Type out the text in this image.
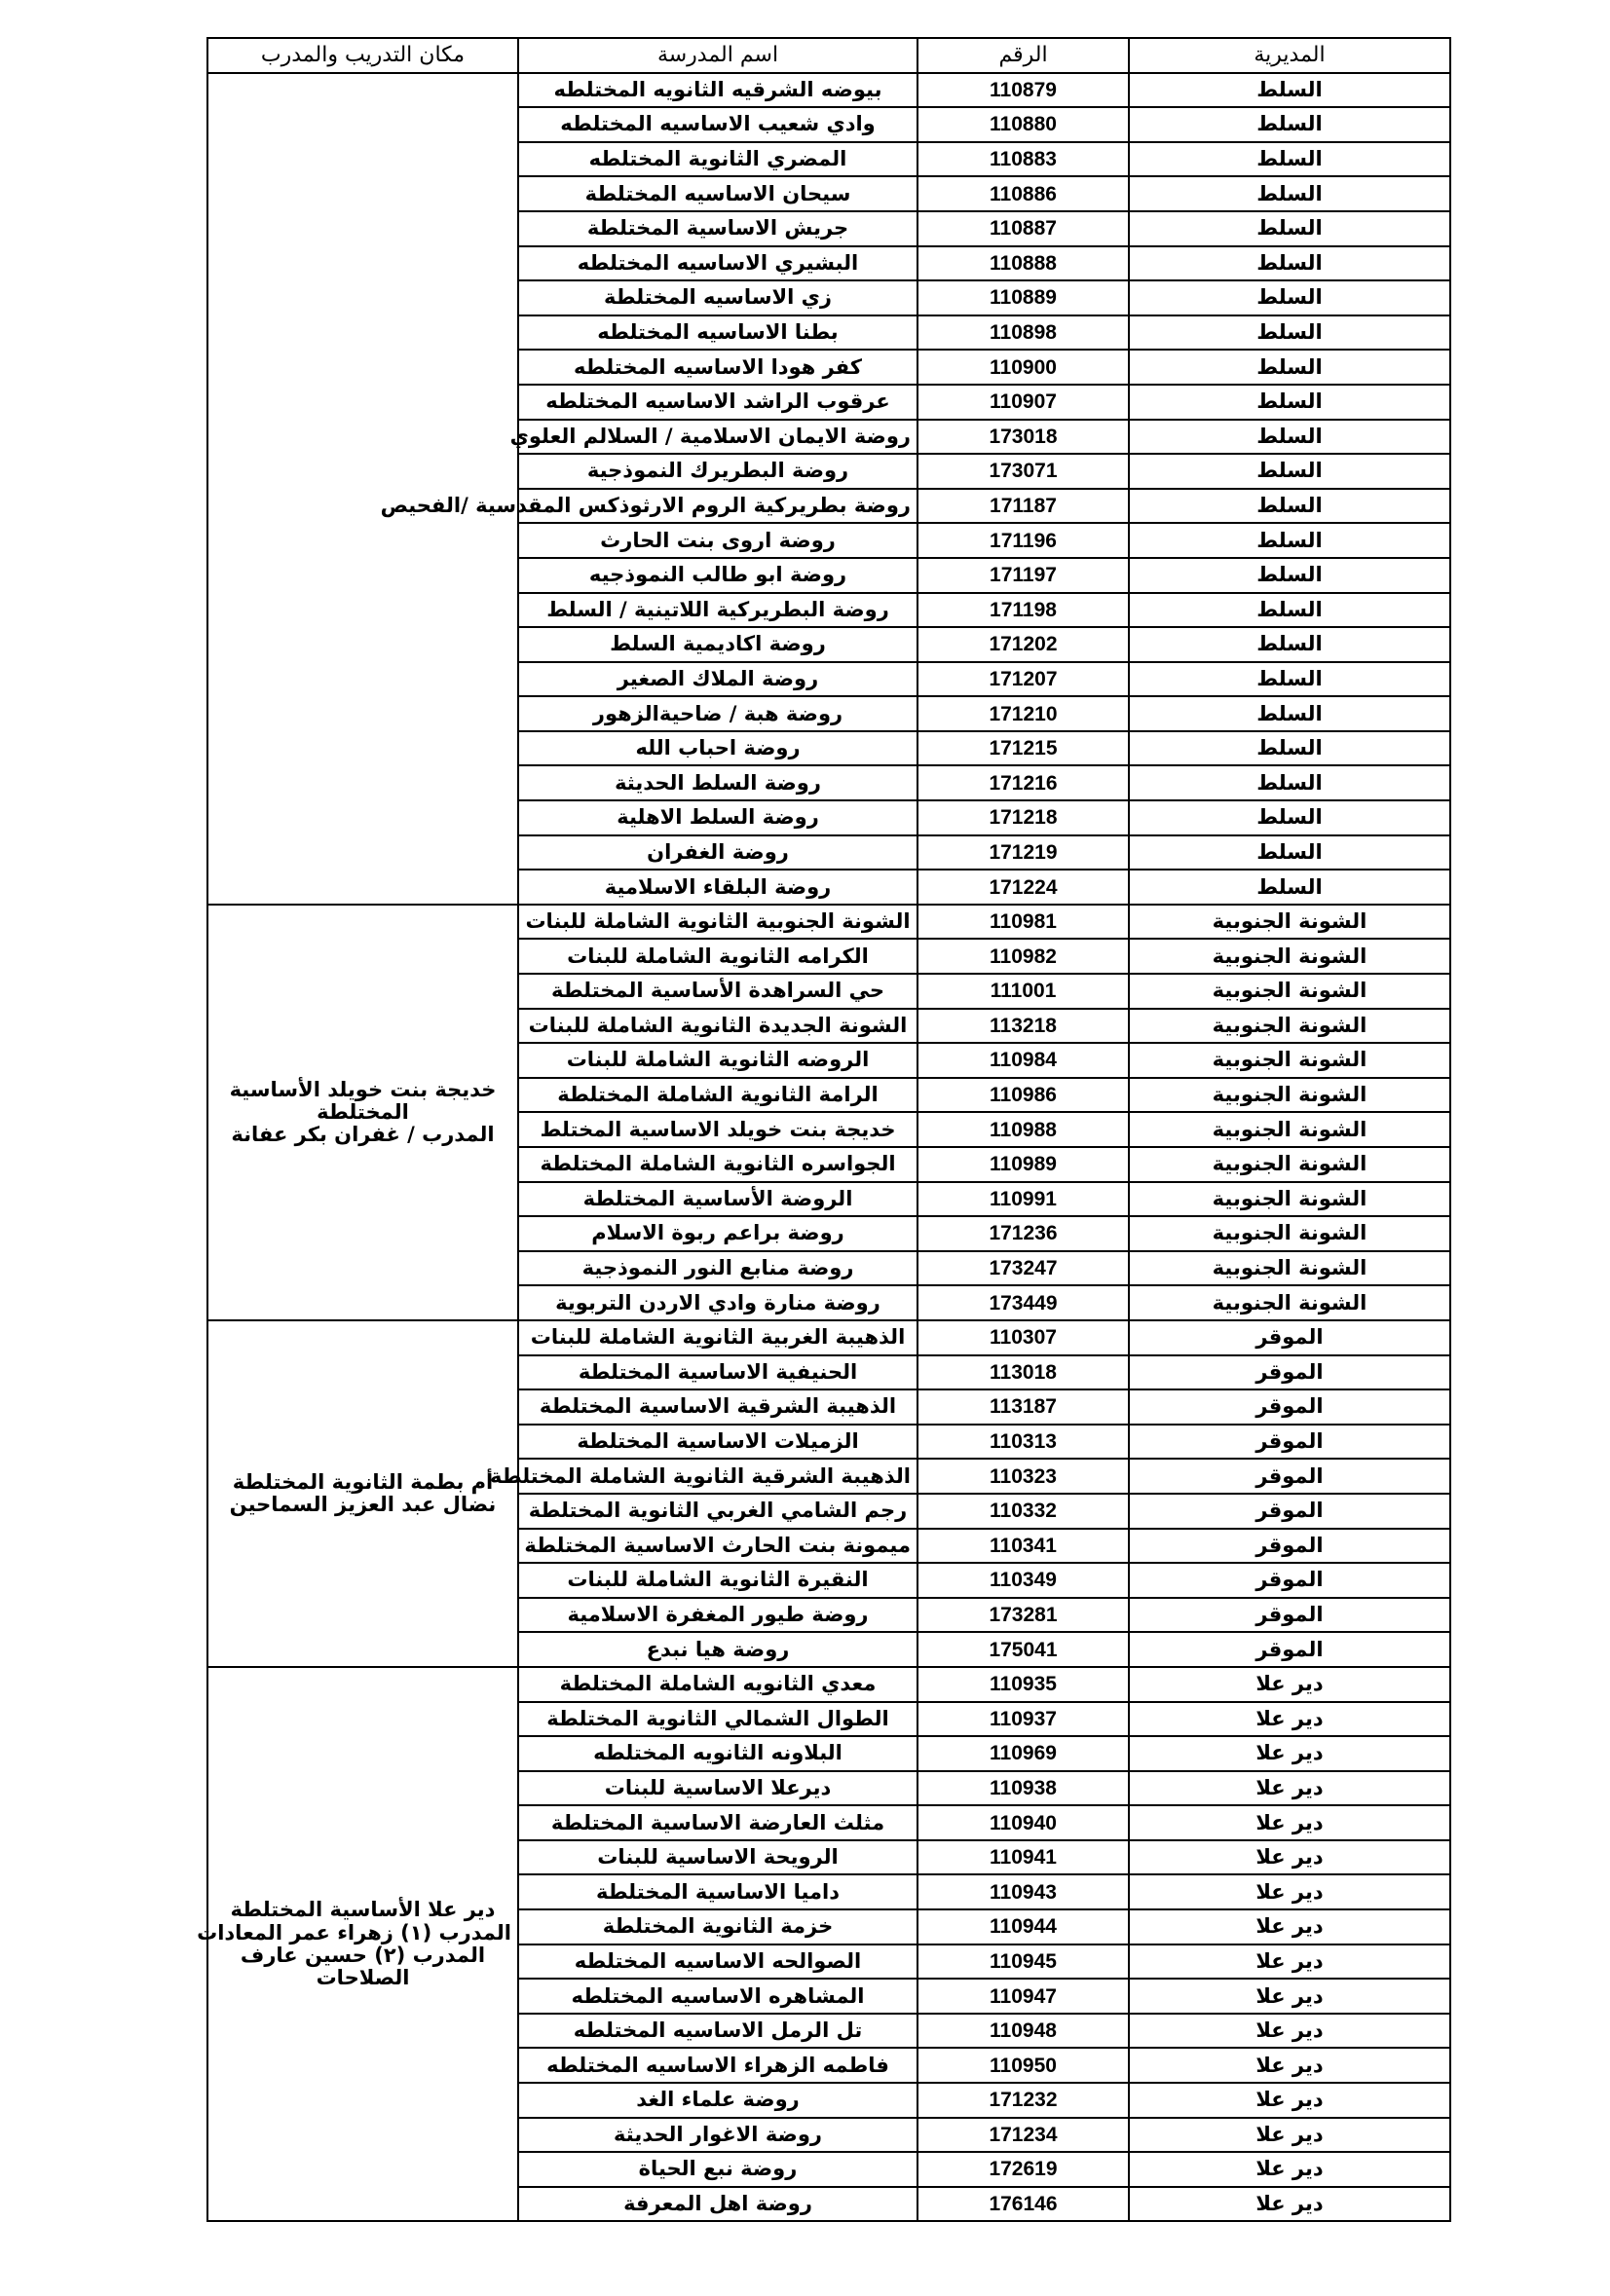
المديرية	الرقم	اسم المدرسة	مكان التدريب والمدرب
السلط	110879	بيوضه الشرقيه الثانويه المختلطه	
السلط	110880	وادي شعيب الاساسيه المختلطه	
السلط	110883	المضري الثانوية المختلطه	
السلط	110886	سيحان الاساسيه المختلطة	
السلط	110887	جريش الاساسية المختلطة	
السلط	110888	البشيري الاساسيه المختلطه	
السلط	110889	زي الاساسيه المختلطة	
السلط	110898	بطنا الاساسيه المختلطه	
السلط	110900	كفر هودا الاساسيه المختلطه	
السلط	110907	عرقوب الراشد الاساسيه المختلطه	
السلط	173018	روضة الايمان الاسلامية / السلالم العلوي	
السلط	173071	روضة البطريرك النموذجية	
السلط	171187	روضة بطريركية الروم الارثوذكس المقدسية /الفحيص	
السلط	171196	روضة اروى بنت الحارث	
السلط	171197	روضة ابو طالب النموذجيه	
السلط	171198	روضة البطريركية اللاتينية / السلط	
السلط	171202	روضة اكاديمية السلط	
السلط	171207	روضة الملاك الصغير	
السلط	171210	روضة هبة / ضاحيةالزهور	
السلط	171215	روضة احباب الله	
السلط	171216	روضة السلط الحديثة	
السلط	171218	روضة السلط الاهلية	
السلط	171219	روضة الغفران	
السلط	171224	روضة البلقاء الاسلامية	
الشونة الجنوبية	110981	الشونة الجنوبية الثانوية الشاملة للبنات	خديجة بنت خويلد الأساسية
المختلطة
المدرب / غفران بكر عفانة

الشونة الجنوبية	110982	الكرامه الثانوية الشاملة للبنات	
الشونة الجنوبية	111001	حي السراهدة الأساسية المختلطة	
الشونة الجنوبية	113218	الشونة الجديدة الثانوية الشاملة للبنات	
الشونة الجنوبية	110984	الروضه الثانوية الشاملة للبنات	
الشونة الجنوبية	110986	الرامة الثانوية الشاملة المختلطة	
الشونة الجنوبية	110988	خديجة بنت خويلد الاساسية المختلط	
الشونة الجنوبية	110989	الجواسره الثانوية الشاملة المختلطة	
الشونة الجنوبية	110991	الروضة الأساسية المختلطة	
الشونة الجنوبية	171236	روضة براعم ربوة الاسلام	
الشونة الجنوبية	173247	روضة منابع النور النموذجية	
الشونة الجنوبية	173449	روضة منارة وادي الاردن التربوية	
الموقر	110307	الذهيبة الغربية الثانوية الشاملة للبنات	أم بطمة الثانوية المختلطة
نضال عبد العزيز السماحين

الموقر	113018	الحنيفية الاساسية المختلطة	
الموقر	113187	الذهيبة الشرقية الاساسية المختلطة	
الموقر	110313	الزميلات الاساسية المختلطة	
الموقر	110323	الذهيبة الشرقية الثانوية الشاملة المختلطة	
الموقر	110332	رجم الشامي الغربي الثانوية المختلطة	
الموقر	110341	ميمونة بنت الحارث الاساسية المختلطة	
الموقر	110349	النقيرة الثانوية الشاملة للبنات	
الموقر	173281	روضة طيور المغفرة الاسلامية	
الموقر	175041	روضة هيا نبدع	
دير علا	110935	معدي الثانويه الشاملة المختلطة	دير علا الأساسية المختلطة
المدرب (١) زهراء عمر المعادات
المدرب (٢) حسين عارف
الصلاحات

دير علا	110937	الطوال الشمالي الثانوية المختلطة	
دير علا	110969	البلاونه الثانويه المختلطه	
دير علا	110938	ديرعلا الاساسية للبنات	
دير علا	110940	مثلث العارضة الاساسية المختلطة	
دير علا	110941	الرويحة الاساسية للبنات	
دير علا	110943	داميا الاساسية المختلطة	
دير علا	110944	خزمة الثانوية المختلطة	
دير علا	110945	الصوالحه الاساسيه المختلطه	
دير علا	110947	المشاهره الاساسيه المختلطه	
دير علا	110948	تل الرمل الاساسيه المختلطه	
دير علا	110950	فاطمه الزهراء الاساسيه المختلطه	
دير علا	171232	روضة علماء الغد	
دير علا	171234	روضة الاغوار الحديثة	
دير علا	172619	روضة نبع الحياة	
دير علا	176146	روضة اهل المعرفة	
